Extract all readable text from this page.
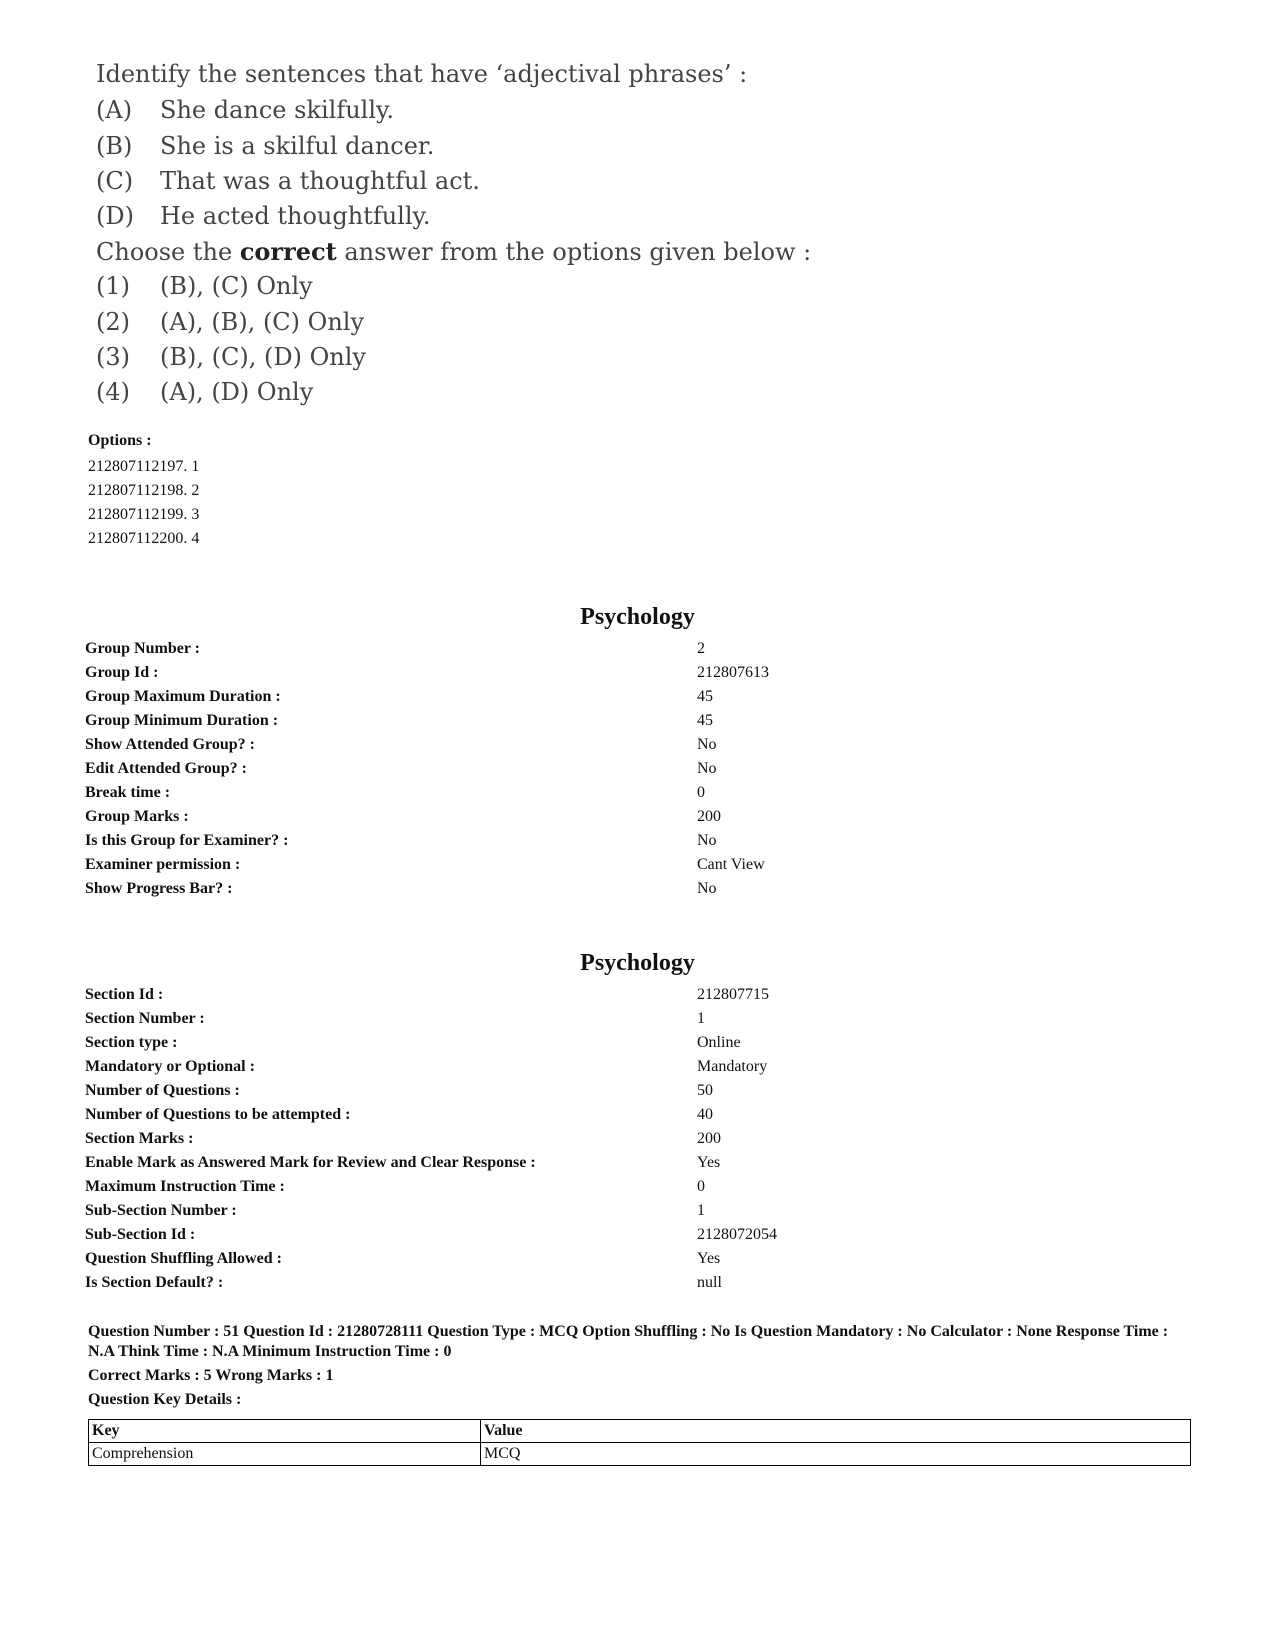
Identify the sentences that have ‘adjectival phrases’ :
(A) She dance skilfully.
(B) She is a skilful dancer.
(C) That was a thoughtful act.
(D) He acted thoughtfully.
Choose the correct answer from the options given below :
(1) (B), (C) Only
(2) (A), (B), (C) Only
(3) (B), (C), (D) Only
(4) (A), (D) Only
Options :
212807112197. 1
212807112198. 2
212807112199. 3
212807112200. 4
Psychology
Group Number :	2
Group Id :	212807613
Group Maximum Duration :	45
Group Minimum Duration :	45
Show Attended Group? :	No
Edit Attended Group? :	No
Break time :	0
Group Marks :	200
Is this Group for Examiner? :	No
Examiner permission :	Cant View
Show Progress Bar? :	No
Psychology
Section Id :	212807715
Section Number :	1
Section type :	Online
Mandatory or Optional :	Mandatory
Number of Questions :	50
Number of Questions to be attempted :	40
Section Marks :	200
Enable Mark as Answered Mark for Review and Clear Response :	Yes
Maximum Instruction Time :	0
Sub-Section Number :	1
Sub-Section Id :	2128072054
Question Shuffling Allowed :	Yes
Is Section Default? :	null
Question Number : 51 Question Id : 21280728111 Question Type : MCQ Option Shuffling : No Is Question Mandatory : No Calculator : None Response Time : N.A Think Time : N.A Minimum Instruction Time : 0
Correct Marks : 5 Wrong Marks : 1
Question Key Details :
Key	Value
Comprehension	MCQ
